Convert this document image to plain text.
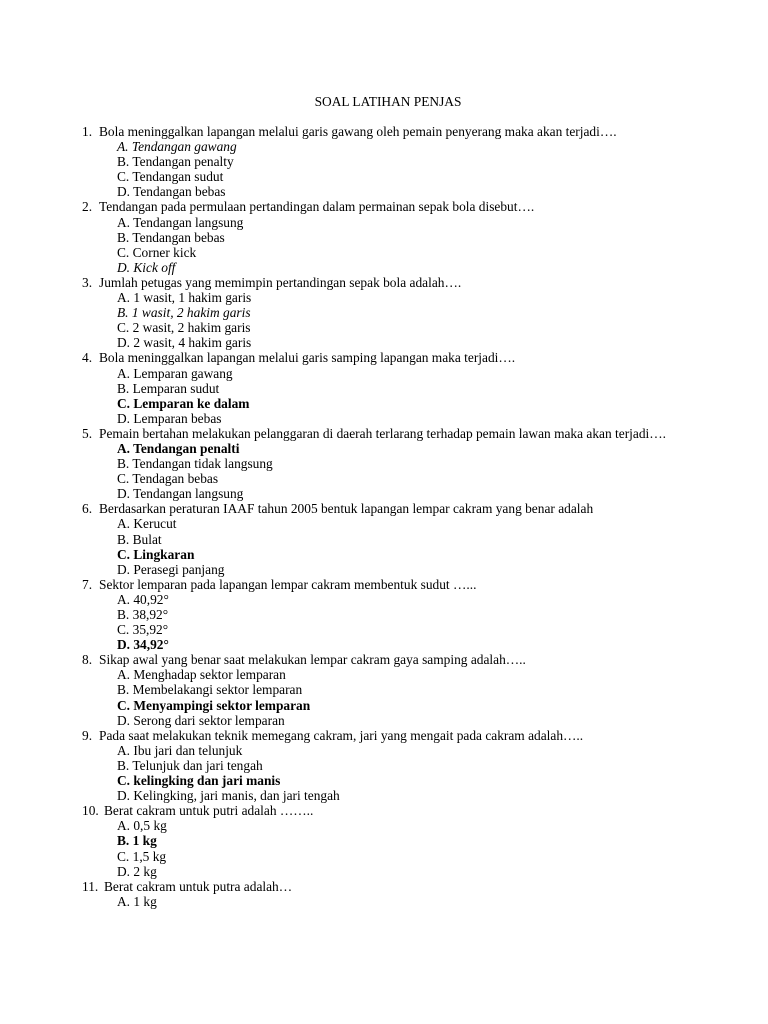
SOAL LATIHAN PENJAS
1. Bola meninggalkan lapangan melalui garis gawang oleh pemain penyerang maka akan terjadi….
A. Tendangan gawang
B. Tendangan penalty
C. Tendangan sudut
D. Tendangan bebas
2. Tendangan pada permulaan pertandingan dalam permainan sepak bola disebut….
A. Tendangan langsung
B. Tendangan bebas
C. Corner kick
D. Kick off
3. Jumlah petugas yang memimpin pertandingan sepak bola adalah….
A. 1 wasit, 1 hakim garis
B. 1 wasit, 2 hakim garis
C. 2 wasit, 2 hakim garis
D. 2 wasit, 4 hakim garis
4. Bola meninggalkan lapangan melalui garis samping lapangan maka terjadi….
A. Lemparan gawang
B. Lemparan sudut
C. Lemparan ke dalam
D. Lemparan bebas
5. Pemain bertahan melakukan pelanggaran di daerah terlarang terhadap pemain lawan maka akan terjadi….
A. Tendangan penalti
B. Tendangan tidak langsung
C. Tendagan bebas
D. Tendangan langsung
6. Berdasarkan peraturan IAAF tahun 2005 bentuk lapangan lempar cakram yang benar adalah
A. Kerucut
B. Bulat
C. Lingkaran
D. Perasegi panjang
7. Sektor lemparan pada lapangan lempar cakram membentuk sudut …...
A. 40,92°
B. 38,92°
C. 35,92°
D. 34,92°
8. Sikap awal yang benar saat melakukan lempar cakram gaya samping adalah…..
A. Menghadap sektor lemparan
B. Membelakangi sektor lemparan
C. Menyampingi sektor lemparan
D. Serong dari sektor lemparan
9. Pada saat melakukan teknik memegang cakram, jari yang mengait pada cakram adalah…..
A. Ibu jari dan telunjuk
B. Telunjuk dan jari tengah
C. kelingking dan jari manis
D. Kelingking, jari manis, dan jari tengah
10. Berat cakram untuk putri adalah ……..
A. 0,5 kg
B. 1 kg
C. 1,5 kg
D. 2 kg
11. Berat cakram untuk putra adalah…
A. 1 kg
